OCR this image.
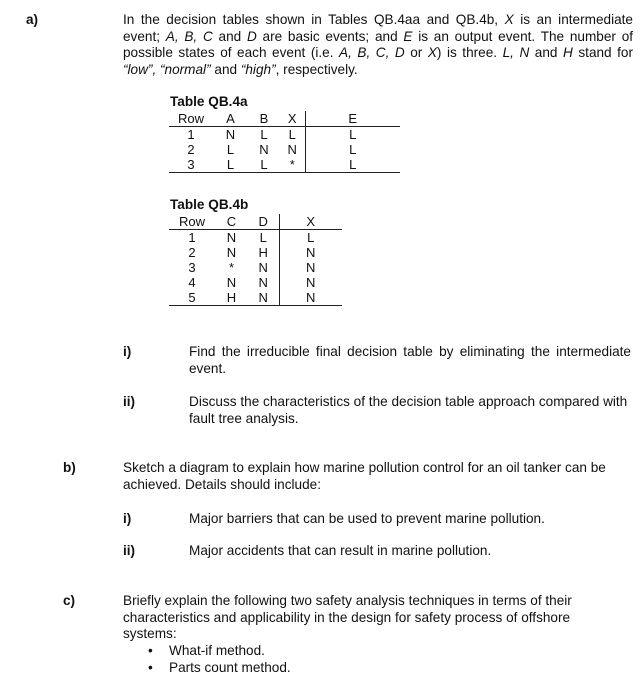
a)	In the decision tables shown in Tables QB.4aa and QB.4b, X is an intermediate event; A, B, C and D are basic events; and E is an output event. The number of possible states of each event (i.e. A, B, C, D or X) is three. L, N and H stand for “low”, “normal” and “high”, respectively.
Table QB.4a
Row	A	B	X	E
1	N	L	L	L
2	L	N	N	L
3	L	L	*	L
Table QB.4b
Row	C	D	X
1	N	L	L
2	N	H	N
3	*	N	N
4	N	N	N
5	H	N	N
i)	Find the irreducible final decision table by eliminating the intermediate event.
ii)	Discuss the characteristics of the decision table approach compared with fault tree analysis.
b)	Sketch a diagram to explain how marine pollution control for an oil tanker can be achieved. Details should include:
i)	Major barriers that can be used to prevent marine pollution.
ii)	Major accidents that can result in marine pollution.
c)	Briefly explain the following two safety analysis techniques in terms of their characteristics and applicability in the design for safety process of offshore systems:
• What-if method.
• Parts count method.
